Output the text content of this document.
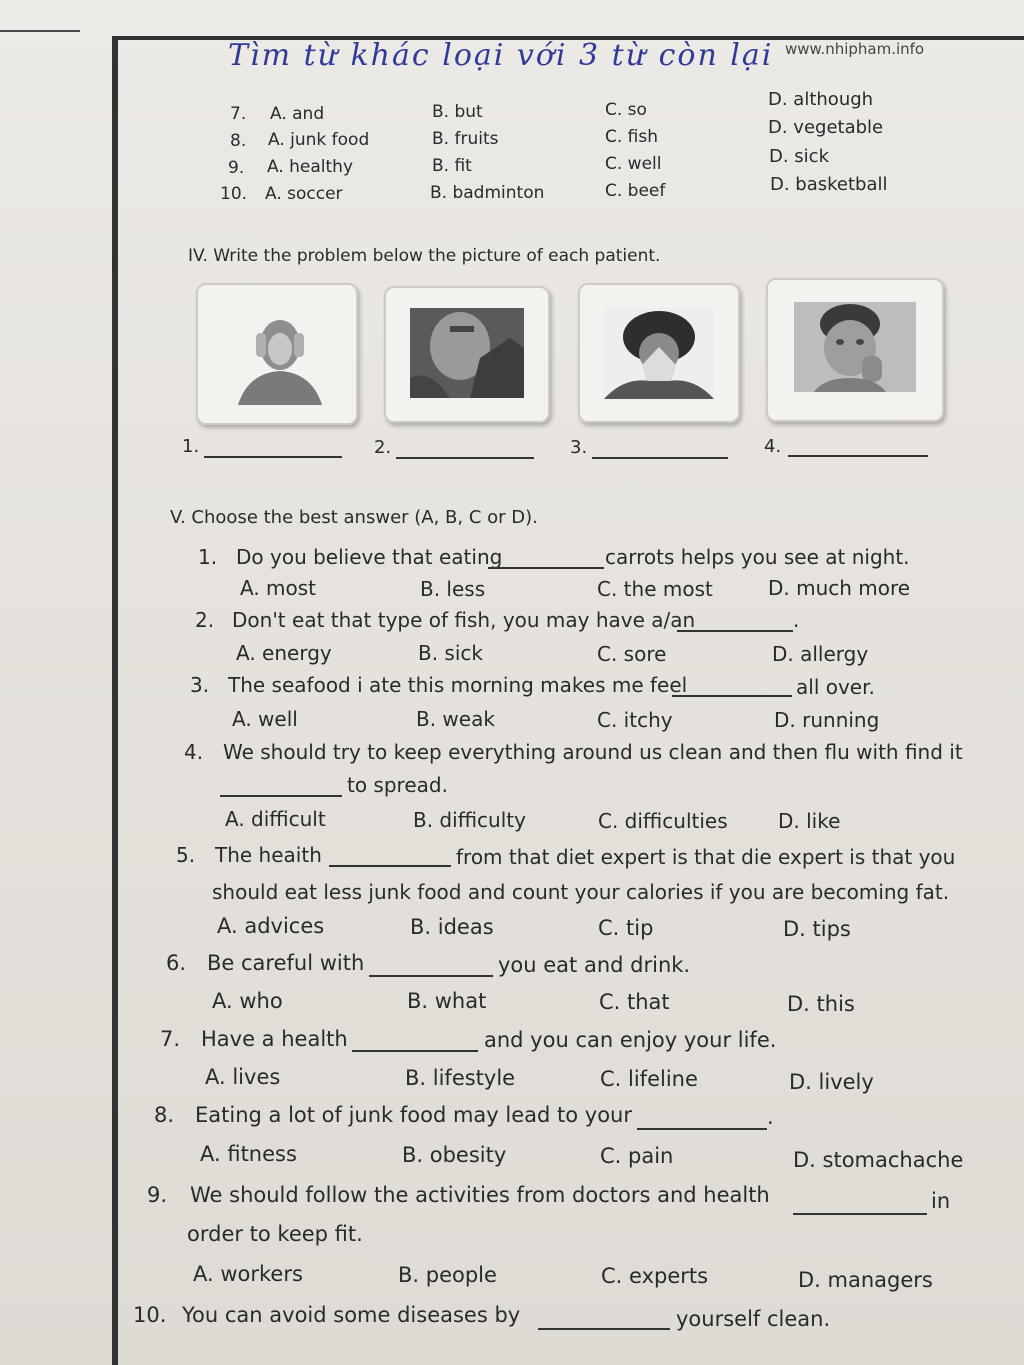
Tìm từ khác loại với 3 từ còn lại www.nhipham.info
7. A. and	B. but	C. so	D. although
8. A. junk food	B. fruits	C. fish	D. vegetable
9. A. healthy	B. fit	C. well	D. sick
10. A. soccer	B. badminton	C. beef	D. basketball
IV. Write the problem below the picture of each patient.
1.	2.	3.	4.
V. Choose the best answer (A, B, C or D).
1. Do you believe that eating	carrots helps you see at night.
A. most	B. less	C. the most	D. much more
2. Don't eat that type of fish, you may have a/an	.
A. energy	B. sick	C. sore	D. allergy
3. The seafood i ate this morning makes me feel	all over.
A. well	B. weak	C. itchy	D. running
4. We should try to keep everything around us clean and then flu with find it
to spread.
A. difficult	B. difficulty	C. difficulties	D. like
5. The heaith	from that diet expert is that die expert is that you
should eat less junk food and count your calories if you are becoming fat.
A. advices	B. ideas	C. tip	D. tips
6. Be careful with	you eat and drink.
A. who	B. what	C. that	D. this
7. Have a health	and you can enjoy your life.
A. lives	B. lifestyle	C. lifeline	D. lively
8. Eating a lot of junk food may lead to your	.
A. fitness	B. obesity	C. pain	D. stomachache
9. We should follow the activities from doctors and health	in
order to keep fit.
A. workers	B. people	C. experts	D. managers
10. You can avoid some diseases by	yourself clean.
